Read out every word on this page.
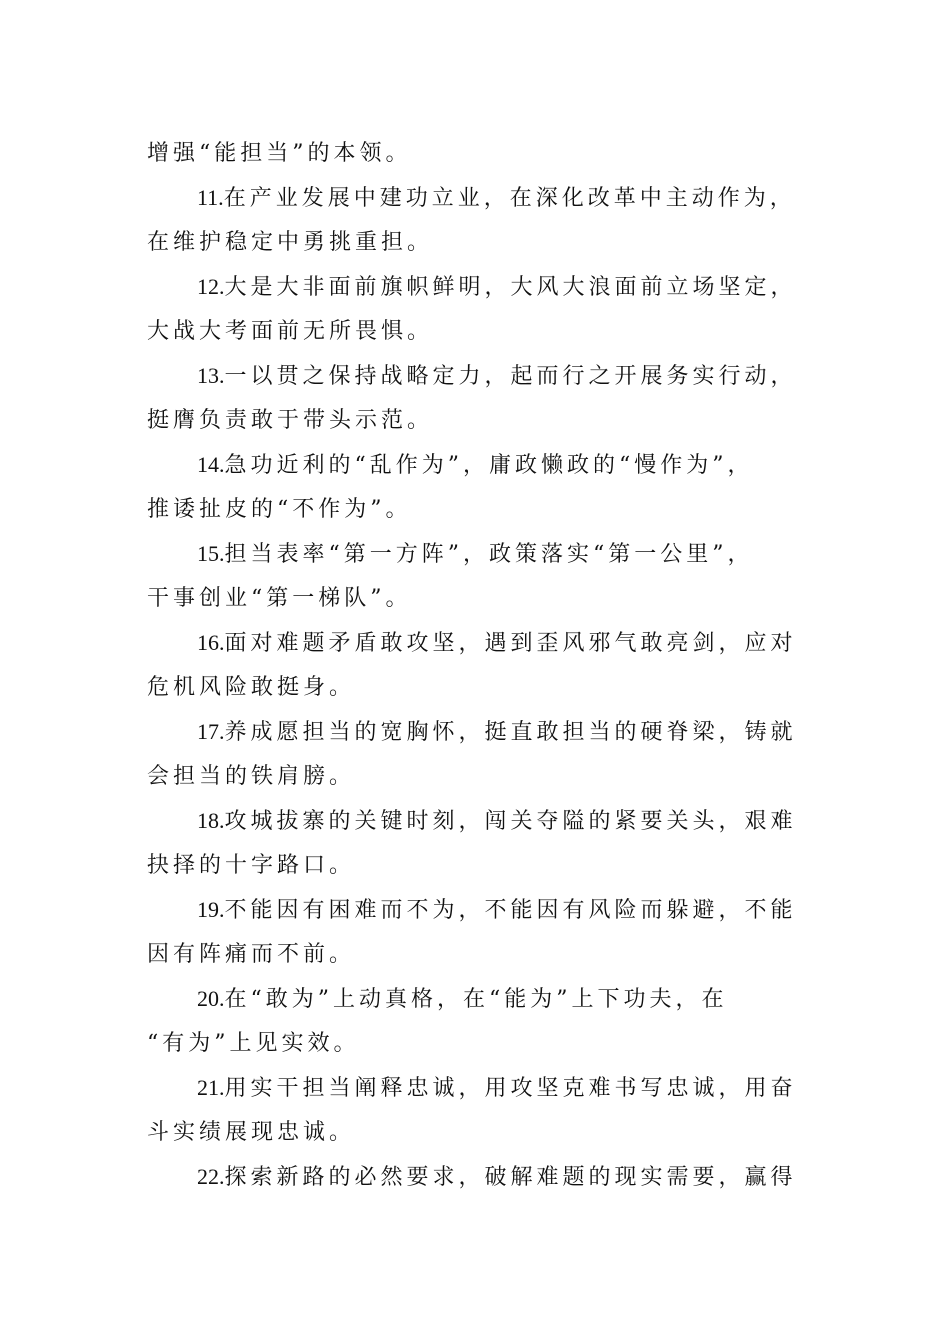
增强“能担当”的本领。
11.在产业发展中建功立业，在深化改革中主动作为，
在维护稳定中勇挑重担。
12.大是大非面前旗帜鲜明，大风大浪面前立场坚定，
大战大考面前无所畏惧。
13.一以贯之保持战略定力，起而行之开展务实行动，
挺膺负责敢于带头示范。
14.急功近利的“乱作为”，庸政懒政的“慢作为”，
推诿扯皮的“不作为”。
15.担当表率“第一方阵”，政策落实“第一公里”，
干事创业“第一梯队”。
16.面对难题矛盾敢攻坚，遇到歪风邪气敢亮剑，应对
危机风险敢挺身。
17.养成愿担当的宽胸怀，挺直敢担当的硬脊梁，铸就
会担当的铁肩膀。
18.攻城拔寨的关键时刻，闯关夺隘的紧要关头，艰难
抉择的十字路口。
19.不能因有困难而不为，不能因有风险而躲避，不能
因有阵痛而不前。
20.在“敢为”上动真格，在“能为”上下功夫，在
“有为”上见实效。
21.用实干担当阐释忠诚，用攻坚克难书写忠诚，用奋
斗实绩展现忠诚。
22.探索新路的必然要求，破解难题的现实需要，赢得
